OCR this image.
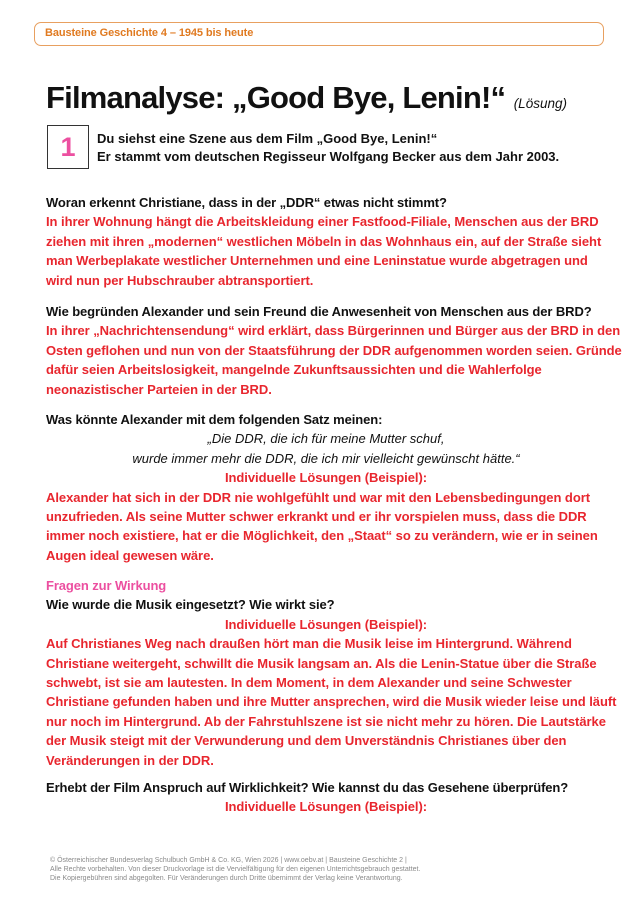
Bausteine Geschichte 4 – 1945 bis heute
Filmanalyse: „Good Bye, Lenin!“ (Lösung)
1	Du siehst eine Szene aus dem Film „Good Bye, Lenin!“
Er stammt vom deutschen Regisseur Wolfgang Becker aus dem Jahr 2003.
Woran erkennt Christiane, dass in der „DDR“ etwas nicht stimmt?
In ihrer Wohnung hängt die Arbeitskleidung einer Fastfood-Filiale, Menschen aus der BRD
ziehen mit ihren „modernen“ westlichen Möbeln in das Wohnhaus ein, auf der Straße sieht
man Werbeplakate westlicher Unternehmen und eine Leninstatue wurde abgetragen und
wird nun per Hubschrauber abtransportiert.
Wie begründen Alexander und sein Freund die Anwesenheit von Menschen aus der BRD?
In ihrer „Nachrichtensendung“ wird erklärt, dass Bürgerinnen und Bürger aus der BRD in den
Osten geflohen und nun von der Staatsführung der DDR aufgenommen worden seien. Gründe
dafür seien Arbeitslosigkeit, mangelnde Zukunftsaussichten und die Wahlerfolge
neonazistischer Parteien in der BRD.
Was könnte Alexander mit dem folgenden Satz meinen:
„Die DDR, die ich für meine Mutter schuf,
wurde immer mehr die DDR, die ich mir vielleicht gewünscht hätte.“
Individuelle Lösungen (Beispiel):
Alexander hat sich in der DDR nie wohlgefühlt und war mit den Lebensbedingungen dort
unzufrieden. Als seine Mutter schwer erkrankt und er ihr vorspielen muss, dass die DDR
immer noch existiere, hat er die Möglichkeit, den „Staat“ so zu verändern, wie er in seinen
Augen ideal gewesen wäre.
Fragen zur Wirkung
Wie wurde die Musik eingesetzt? Wie wirkt sie?
Individuelle Lösungen (Beispiel):
Auf Christianes Weg nach draußen hört man die Musik leise im Hintergrund. Während
Christiane weitergeht, schwillt die Musik langsam an. Als die Lenin-Statue über die Straße
schwebt, ist sie am lautesten. In dem Moment, in dem Alexander und seine Schwester
Christiane gefunden haben und ihre Mutter ansprechen, wird die Musik wieder leise und läuft
nur noch im Hintergrund. Ab der Fahrstuhlszene ist sie nicht mehr zu hören. Die Lautstärke
der Musik steigt mit der Verwunderung und dem Unverständnis Christianes über den
Veränderungen in der DDR.
Erhebt der Film Anspruch auf Wirklichkeit? Wie kannst du das Gesehene überprüfen?
Individuelle Lösungen (Beispiel):
© Österreichischer Bundesverlag Schulbuch GmbH & Co. KG, Wien 2026 | www.oebv.at | Bausteine Geschichte 2 |
Alle Rechte vorbehalten. Von dieser Druckvorlage ist die Vervielfältigung für den eigenen Unterrichtsgebrauch gestattet.
Die Kopiergebühren sind abgegolten. Für Veränderungen durch Dritte übernimmt der Verlag keine Verantwortung.
